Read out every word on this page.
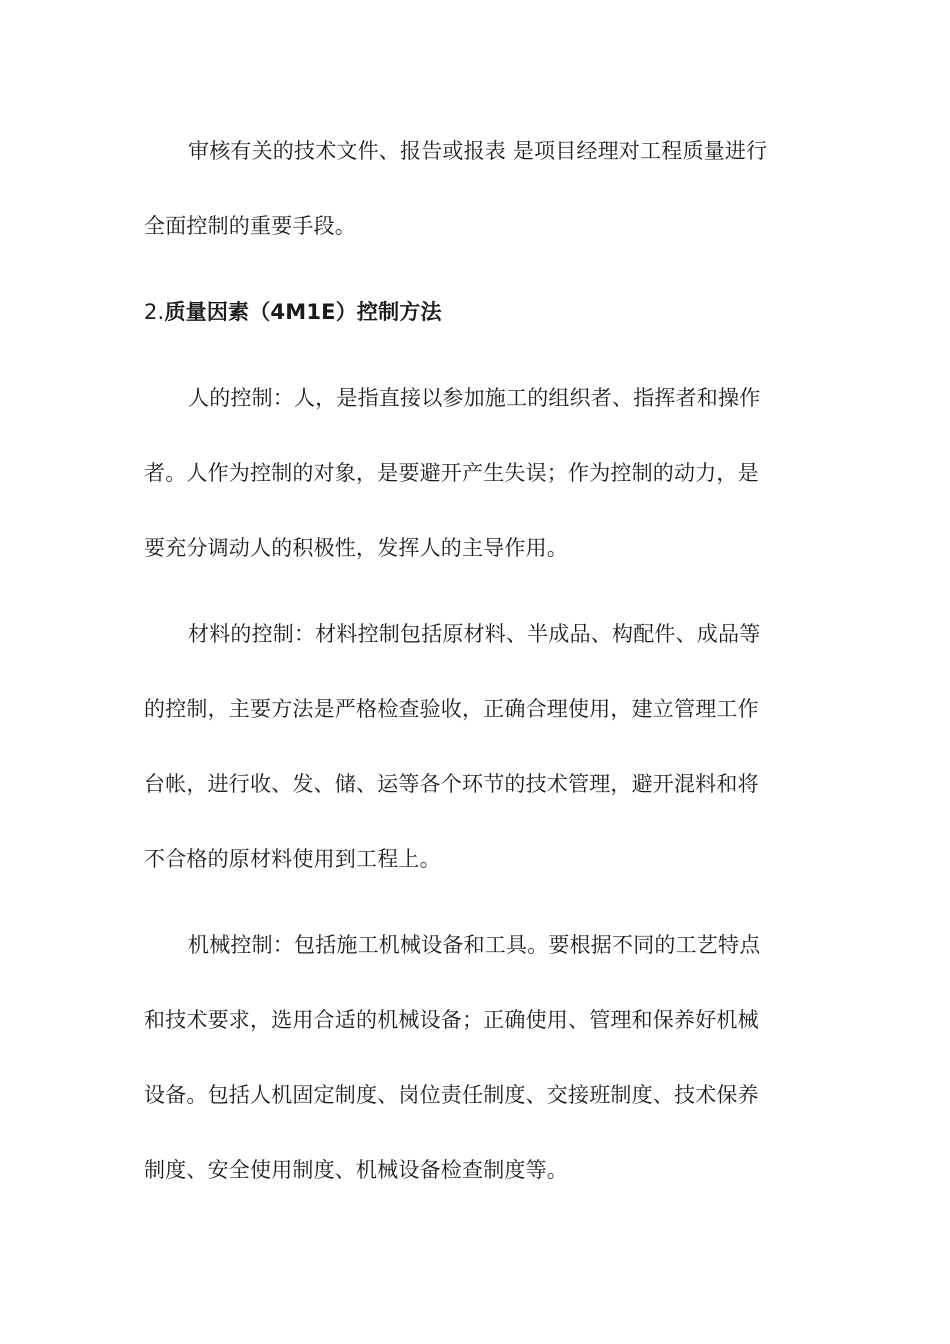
审核有关的技术文件、报告或报表 是项目经理对工程质量进行
全面控制的重要手段。
2.质量因素（4M1E）控制方法
人的控制：人，是指直接以参加施工的组织者、指挥者和操作
者。人作为控制的对象，是要避开产生失误；作为控制的动力，是
要充分调动人的积极性，发挥人的主导作用。
材料的控制：材料控制包括原材料、半成品、构配件、成品等
的控制，主要方法是严格检查验收，正确合理使用，建立管理工作
台帐，进行收、发、储、运等各个环节的技术管理，避开混料和将
不合格的原材料使用到工程上。
机械控制：包括施工机械设备和工具。要根据不同的工艺特点
和技术要求，选用合适的机械设备；正确使用、管理和保养好机械
设备。包括人机固定制度、岗位责任制度、交接班制度、技术保养
制度、安全使用制度、机械设备检查制度等。
